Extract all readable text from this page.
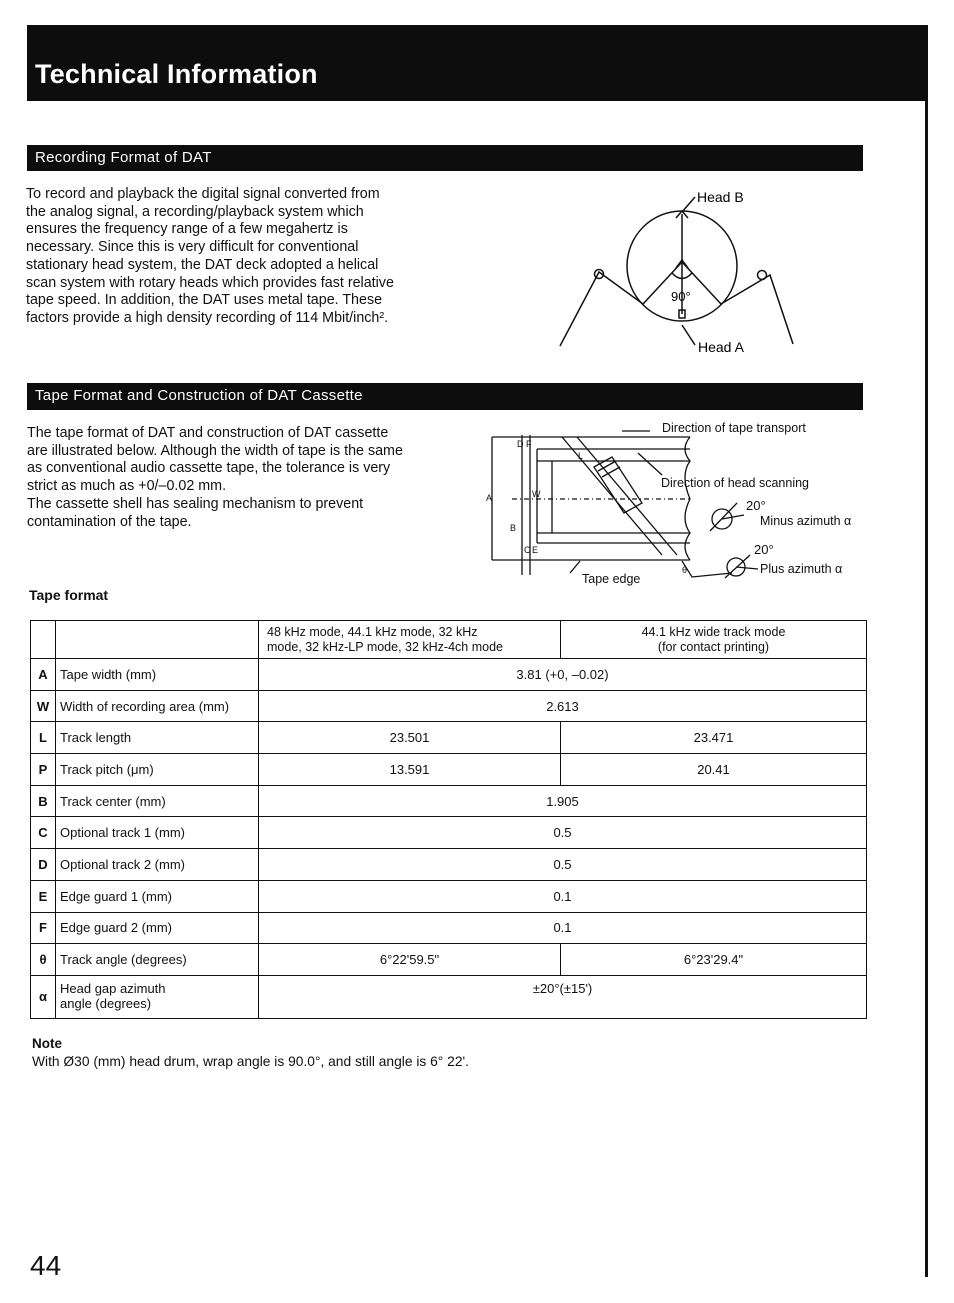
Technical Information
Recording Format of DAT
To record and playback the digital signal converted from
the analog signal, a recording/playback system which
ensures the frequency range of a few megahertz is
necessary. Since this is very difficult for conventional
stationary head system, the DAT deck adopted a helical
scan system with rotary heads which provides fast relative
tape speed. In addition, the DAT uses metal tape. These
factors provide a high density recording of 114 Mbit/inch².
Head B
Head A
90°
Tape Format and Construction of DAT Cassette
The tape format of DAT and construction of DAT cassette
are illustrated below. Although the width of tape is the same
as conventional audio cassette tape, the tolerance is very
strict as much as +0/–0.02 mm.
The cassette shell has sealing mechanism to prevent
contamination of the tape.
D F
A	W
B
C E
θ
L
Direction of tape transport
Direction of head scanning
20°
Minus azimuth α
20°
Plus azimuth α
Tape edge
Tape format
		48 kHz mode, 44.1 kHz mode, 32 kHz
mode, 32 kHz-LP mode, 32 kHz-4ch mode	44.1 kHz wide track mode
(for contact printing)
A	Tape width (mm)	3.81 (+0, –0.02)	
W	Width of recording area (mm)	2.613	
L	Track length	23.501	23.471
P	Track pitch (μm)	13.591	20.41
B	Track center (mm)	1.905	
C	Optional track 1 (mm)	0.5	
D	Optional track 2 (mm)	0.5	
E	Edge guard 1 (mm)	0.1	
F	Edge guard 2 (mm)	0.1	
θ	Track angle (degrees)	6°22'59.5"	6°23'29.4"
α	Head gap azimuth
angle (degrees)	±20°(±15')	
Note
With Ø30 (mm) head drum, wrap angle is 90.0°, and still angle is 6° 22'.
44
